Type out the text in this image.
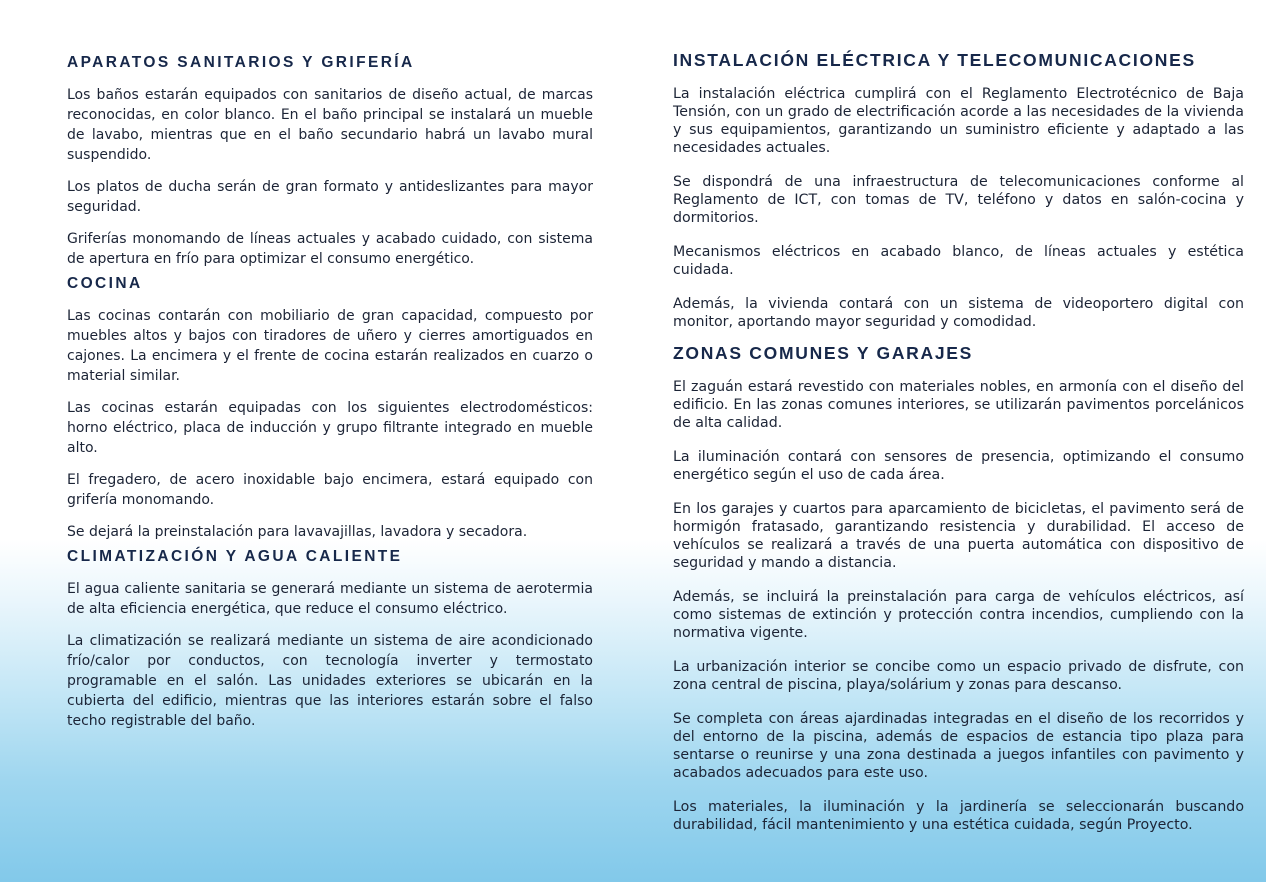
APARATOS SANITARIOS Y GRIFERÍA

Los baños estarán equipados con sanitarios de diseño actual, de marcas reconocidas, en color blanco. En el baño principal se instalará un mueble de lavabo, mientras que en el baño secundario habrá un lavabo mural suspendido.

Los platos de ducha serán de gran formato y antideslizantes para mayor seguridad.

Griferías monomando de líneas actuales y acabado cuidado, con sistema de apertura en frío para optimizar el consumo energético.

COCINA

Las cocinas contarán con mobiliario de gran capacidad, compuesto por muebles altos y bajos con tiradores de uñero y cierres amortiguados en cajones. La encimera y el frente de cocina estarán realizados en cuarzo o material similar.

Las cocinas estarán equipadas con los siguientes electrodomésticos: horno eléctrico, placa de inducción y grupo filtrante integrado en mueble alto.

El fregadero, de acero inoxidable bajo encimera, estará equipado con grifería monomando.

Se dejará la preinstalación para lavavajillas, lavadora y secadora.

CLIMATIZACIÓN Y AGUA CALIENTE

El agua caliente sanitaria se generará mediante un sistema de aerotermia de alta eficiencia energética, que reduce el consumo eléctrico.

La climatización se realizará mediante un sistema de aire acondicionado frío/calor por conductos, con tecnología inverter y termostato programable en el salón. Las unidades exteriores se ubicarán en la cubierta del edificio, mientras que las interiores estarán sobre el falso techo registrable del baño.

INSTALACIÓN ELÉCTRICA Y TELECOMUNICACIONES

La instalación eléctrica cumplirá con el Reglamento Electrotécnico de Baja Tensión, con un grado de electrificación acorde a las necesidades de la vivienda y sus equipamientos, garantizando un suministro eficiente y adaptado a las necesidades actuales.

Se dispondrá de una infraestructura de telecomunicaciones conforme al Reglamento de ICT, con tomas de TV, teléfono y datos en salón-cocina y dormitorios.

Mecanismos eléctricos en acabado blanco, de líneas actuales y estética cuidada.

Además, la vivienda contará con un sistema de videoportero digital con monitor, aportando mayor seguridad y comodidad.

ZONAS COMUNES Y GARAJES

El zaguán estará revestido con materiales nobles, en armonía con el diseño del edificio. En las zonas comunes interiores, se utilizarán pavimentos porcelánicos de alta calidad.

La iluminación contará con sensores de presencia, optimizando el consumo energético según el uso de cada área.

En los garajes y cuartos para aparcamiento de bicicletas, el pavimento será de hormigón fratasado, garantizando resistencia y durabilidad. El acceso de vehículos se realizará a través de una puerta automática con dispositivo de seguridad y mando a distancia.

Además, se incluirá la preinstalación para carga de vehículos eléctricos, así como sistemas de extinción y protección contra incendios, cumpliendo con la normativa vigente.

La urbanización interior se concibe como un espacio privado de disfrute, con zona central de piscina, playa/solárium y zonas para descanso.

Se completa con áreas ajardinadas integradas en el diseño de los recorridos y del entorno de la piscina, además de espacios de estancia tipo plaza para sentarse o reunirse y una zona destinada a juegos infantiles con pavimento y acabados adecuados para este uso.

Los materiales, la iluminación y la jardinería se seleccionarán buscando durabilidad, fácil mantenimiento y una estética cuidada, según Proyecto.
